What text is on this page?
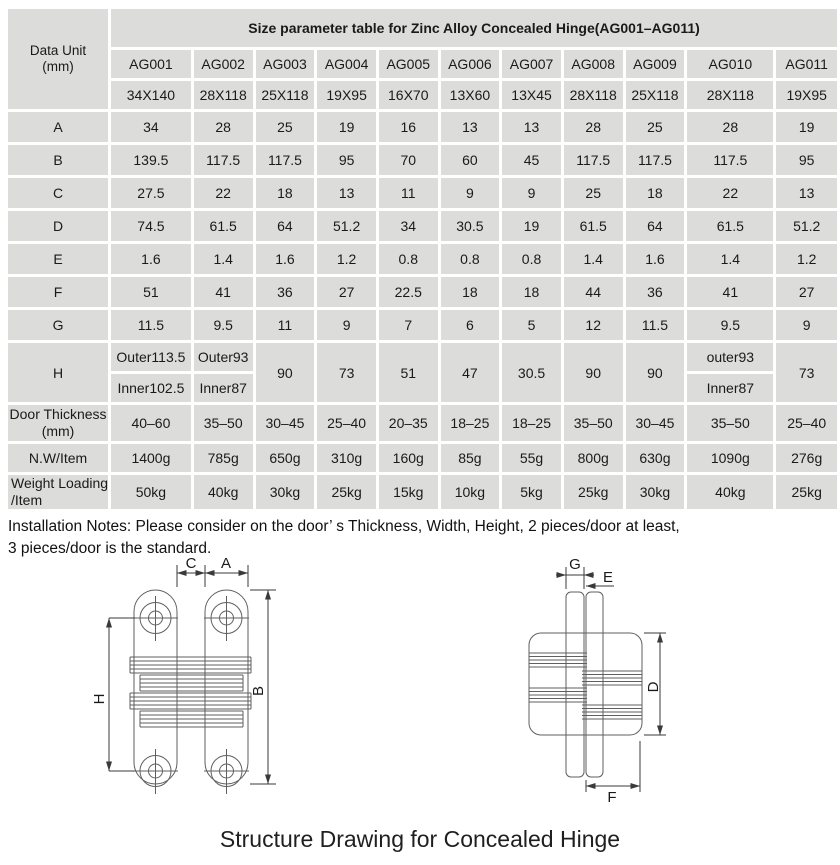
Data Unit
(mm)	Size parameter table for Zinc Alloy Concealed Hinge(AG001–AG011)										
	AG001	AG002	AG003	AG004	AG005	AG006	AG007	AG008	AG009	AG010	AG011
	34X140	28X118	25X118	19X95	16X70	13X60	13X45	28X118	25X118	28X118	19X95
A	34	28	25	19	16	13	13	28	25	28	19
B	139.5	117.5	117.5	95	70	60	45	117.5	117.5	117.5	95
C	27.5	22	18	13	11	9	9	25	18	22	13
D	74.5	61.5	64	51.2	34	30.5	19	61.5	64	61.5	51.2
E	1.6	1.4	1.6	1.2	0.8	0.8	0.8	1.4	1.6	1.4	1.2
F	51	41	36	27	22.5	18	18	44	36	41	27
G	11.5	9.5	11	9	7	6	5	12	11.5	9.5	9
H	Outer113.5	Outer93	90	73	51	47	30.5	90	90	outer93	73
	Inner102.5	Inner87								Inner87	

Door Thickness
(mm)	40–60	35–50	30–45	25–40	20–35	18–25	18–25	35–50	30–45	35–50	25–40
N.W/Item	1400g	785g	650g	310g	160g	85g	55g	800g	630g	1090g	276g

Weight Loading
/Item	50kg	40kg	30kg	25kg	15kg	10kg	5kg	25kg	30kg	40kg	25kg
Installation Notes: Please consider on the door’ s Thickness, Width, Height, 2 pieces/door at least,
3 pieces/door is the standard.
C A
H
B
G
E
D
F
Structure Drawing for Concealed Hinge
